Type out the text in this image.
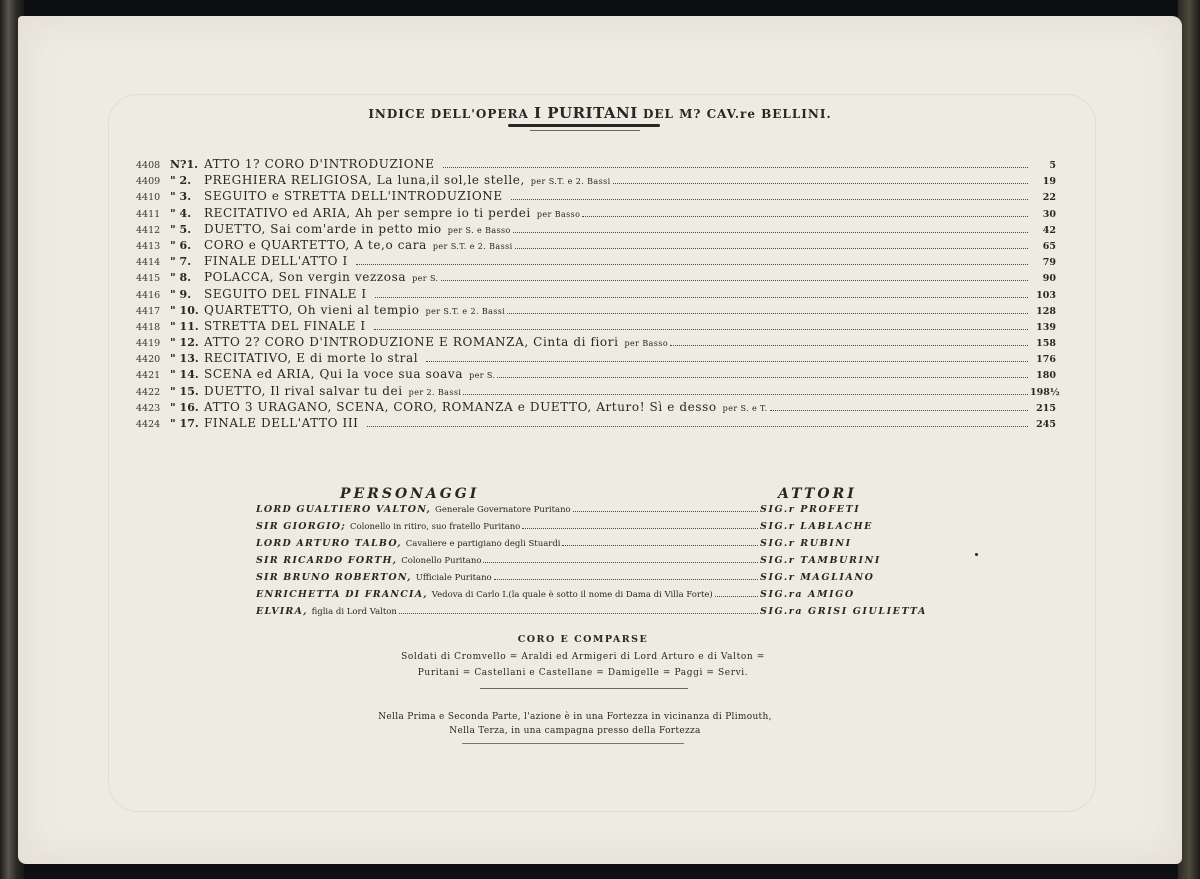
INDICE DELL'OPERA I PURITANI DEL M? CAV.re BELLINI.
4408 N?1. ATTO 1? CORO D'INTRODUZIONE	5
4409 " 2.	PREGHIERA RELIGIOSA, La luna,il sol,le stelle, per S.T. e 2. Bassi	19
4410 " 3.	SEGUITO e STRETTA DELL'INTRODUZIONE	22
4411 " 4.	RECITATIVO ed ARIA, Ah per sempre io ti perdei per Basso	30
4412 " 5.	DUETTO, Sai com'arde in petto mio per S. e Basso	42
4413 " 6.	CORO e QUARTETTO, A te,o cara per S.T. e 2. Bassi	65
4414 " 7.	FINALE DELL'ATTO I	79
4415 " 8.	POLACCA, Son vergin vezzosa per S.	90
4416 " 9.	SEGUITO DEL FINALE I	103
4417 " 10. QUARTETTO, Oh vieni al tempio per S.T. e 2. Bassi	128
4418 " 11. STRETTA DEL FINALE I	139
4419 " 12. ATTO 2? CORO D'INTRODUZIONE E ROMANZA, Cinta di fiori per Basso	158
4420 " 13. RECITATIVO, E di morte lo stral	176
4421 " 14. SCENA ed ARIA, Qui la voce sua soava per S.	180
4422 " 15. DUETTO, Il rival salvar tu dei per 2. Bassi	198½
4423 " 16. ATTO 3 URAGANO, SCENA, CORO, ROMANZA e DUETTO, Arturo! Sì e desso per S. e T.	215
4424 " 17. FINALE DELL'ATTO III	245
PERSONAGGI	ATTORI
LORD GUALTIERO VALTON, Generale Governatore Puritano	SIG.r PROFETI
SIR GIORGIO; Colonello in ritiro, suo fratello Puritano	SIG.r LABLACHE
LORD ARTURO TALBO, Cavaliere e partigiano degli Stuardi	SIG.r RUBINI
SIR RICARDO FORTH, Colonello Puritano	SIG.r TAMBURINI
SIR BRUNO ROBERTON, Ufficiale Puritano	SIG.r MAGLIANO
ENRICHETTA DI FRANCIA, Vedova di Carlo I.(la quale è sotto il nome di Dama di Villa Forte)	SIG.ra AMIGO
ELVIRA, figlia di Lord Valton	SIG.ra GRISI GIULIETTA
CORO E COMPARSE
Soldati di Cromvello = Araldi ed Armigeri di Lord Arturo e di Valton =
Puritani = Castellani e Castellane = Damigelle = Paggi = Servi.
Nella Prima e Seconda Parte, l'azione è in una Fortezza in vicinanza di Plimouth,
Nella Terza, in una campagna presso della Fortezza
